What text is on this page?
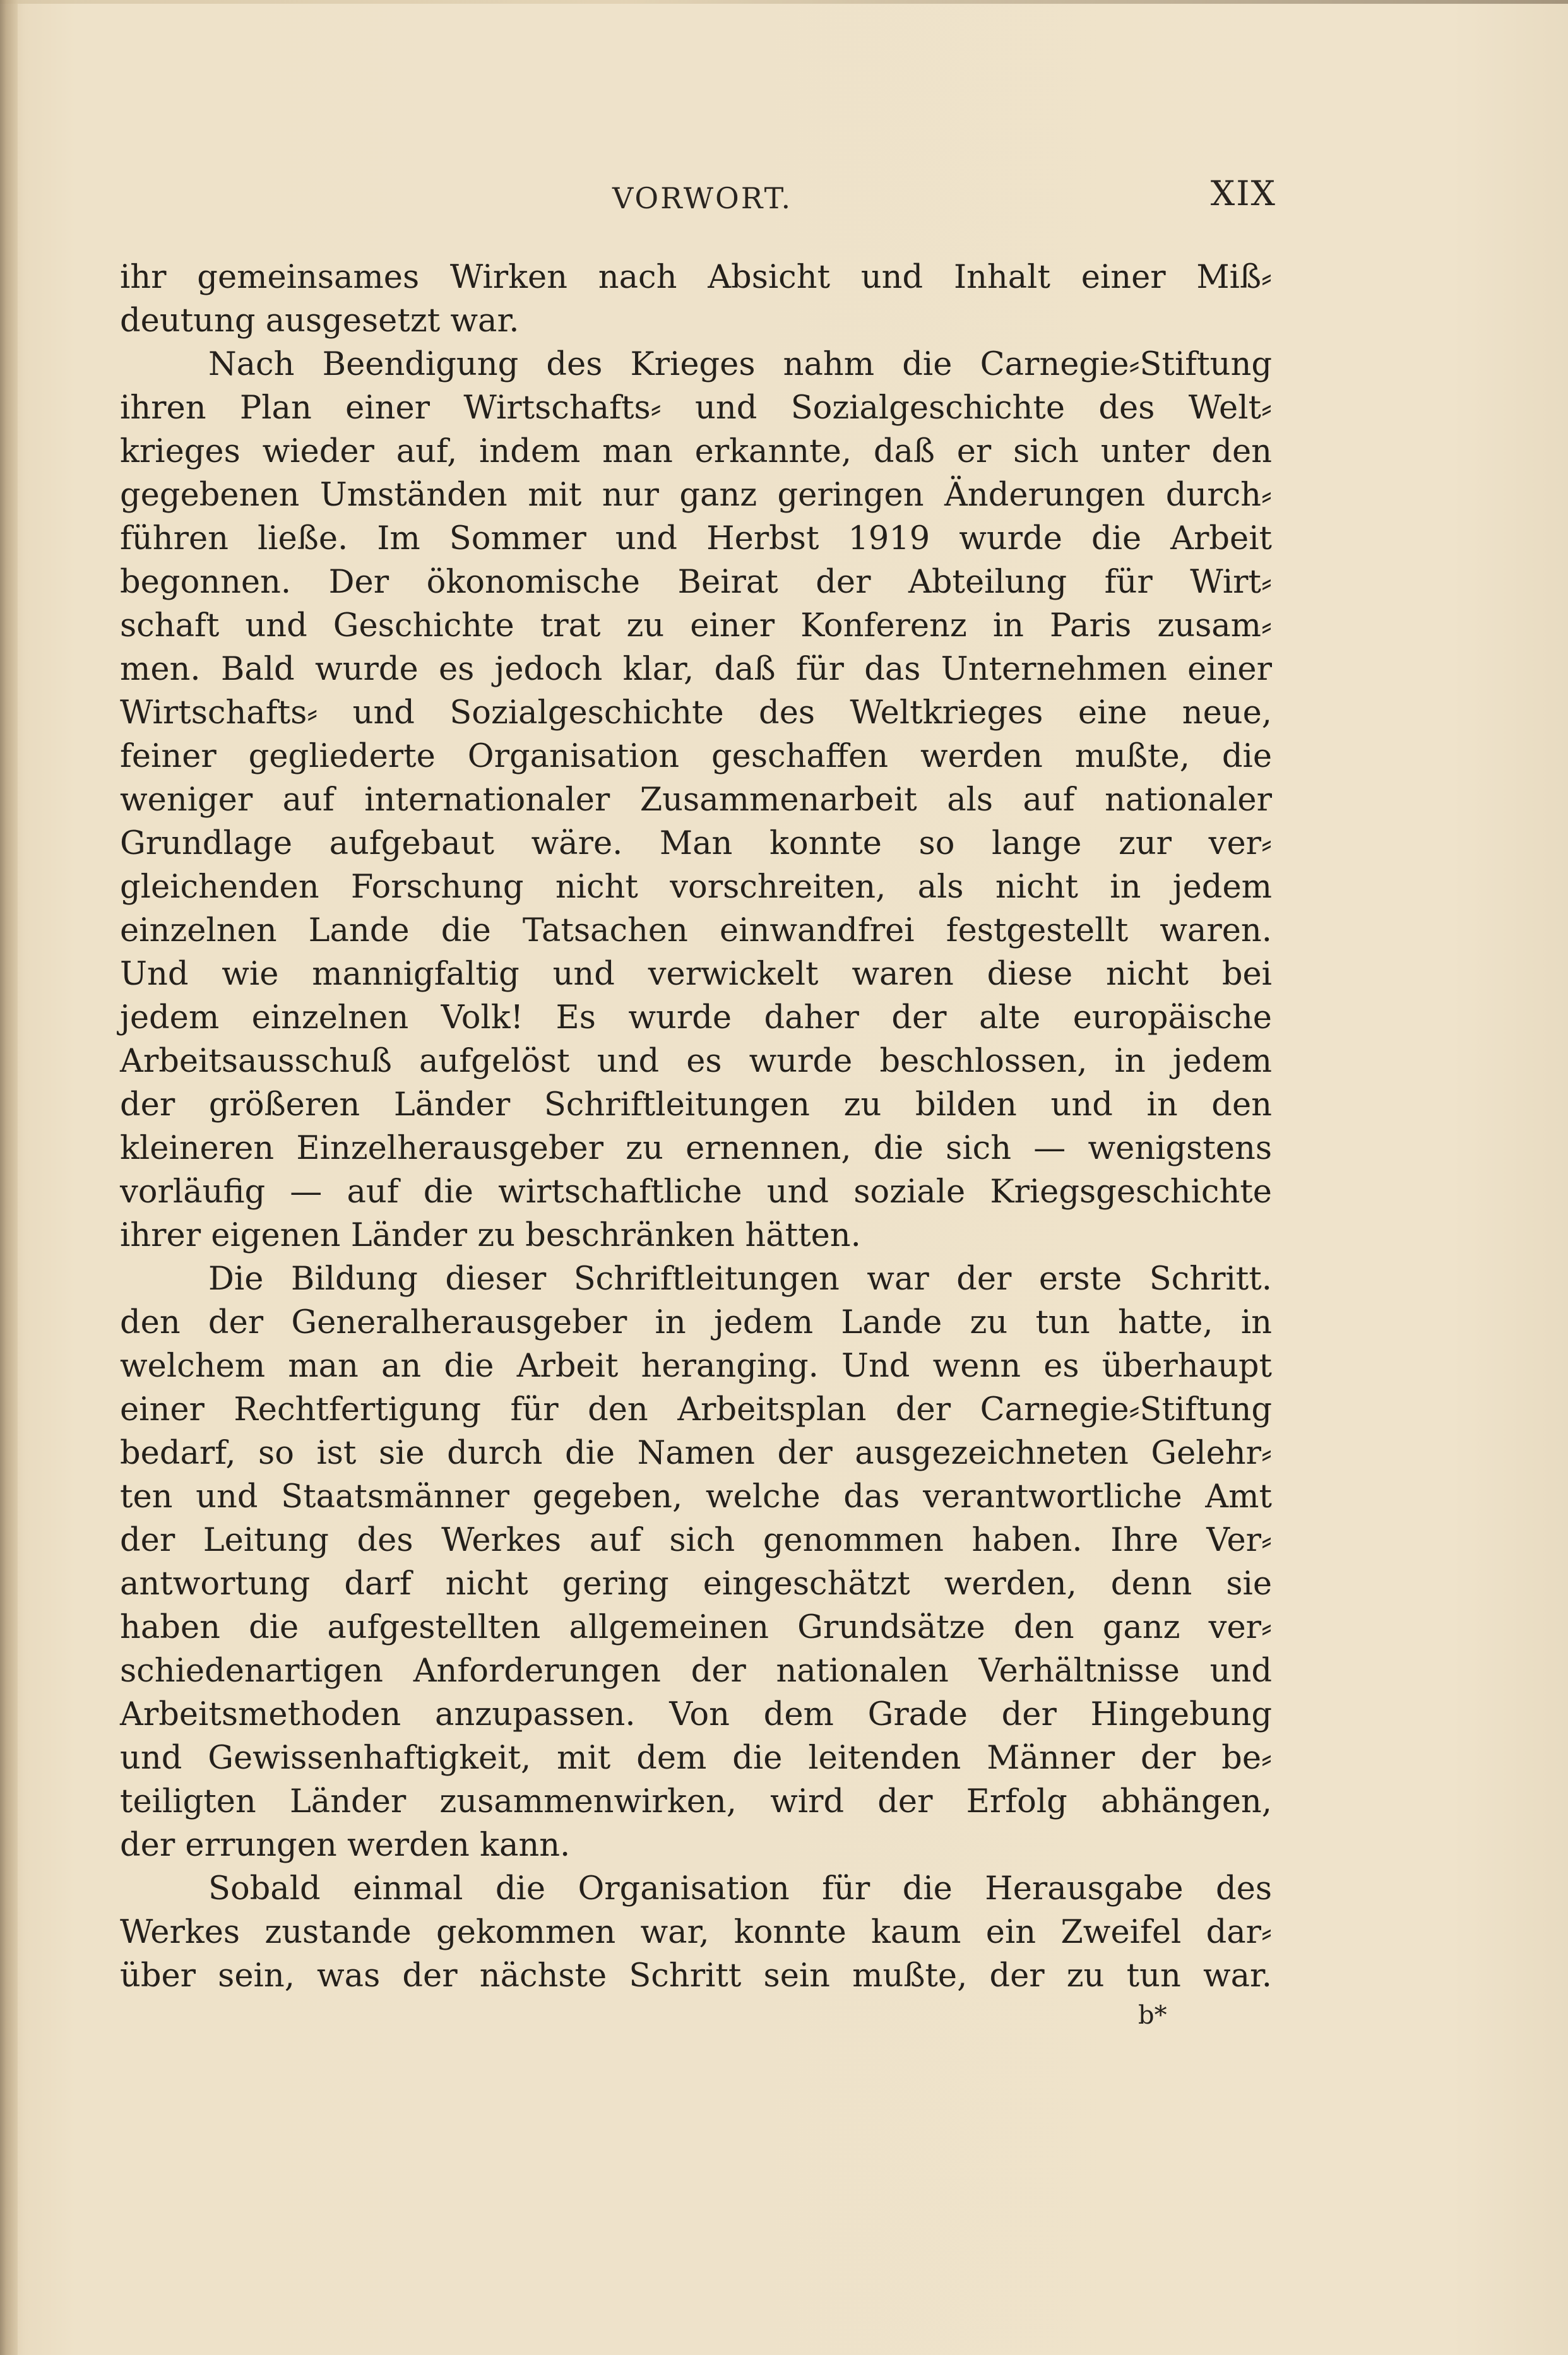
VORWORT.	XIX
ihr gemeinsames Wirken nach Absicht und Inhalt einer Miß⸗
deutung ausgesetzt war.
Nach Beendigung des Krieges nahm die Carnegie⸗Stiftung
ihren Plan einer Wirtschafts⸗ und Sozialgeschichte des Welt⸗
krieges wieder auf, indem man erkannte, daß er sich unter den
gegebenen Umständen mit nur ganz geringen Änderungen durch⸗
führen ließe. Im Sommer und Herbst 1919 wurde die Arbeit
begonnen. Der ökonomische Beirat der Abteilung für Wirt⸗
schaft und Geschichte trat zu einer Konferenz in Paris zusam⸗
men. Bald wurde es jedoch klar, daß für das Unternehmen einer
Wirtschafts⸗ und Sozialgeschichte des Weltkrieges eine neue,
feiner gegliederte Organisation geschaffen werden mußte, die
weniger auf internationaler Zusammenarbeit als auf nationaler
Grundlage aufgebaut wäre. Man konnte so lange zur ver⸗
gleichenden Forschung nicht vorschreiten, als nicht in jedem
einzelnen Lande die Tatsachen einwandfrei festgestellt waren.
Und wie mannigfaltig und verwickelt waren diese nicht bei
jedem einzelnen Volk! Es wurde daher der alte europäische
Arbeitsausschuß aufgelöst und es wurde beschlossen, in jedem
der größeren Länder Schriftleitungen zu bilden und in den
kleineren Einzelherausgeber zu ernennen, die sich — wenigstens
vorläufig — auf die wirtschaftliche und soziale Kriegsgeschichte
ihrer eigenen Länder zu beschränken hätten.
Die Bildung dieser Schriftleitungen war der erste Schritt.
den der Generalherausgeber in jedem Lande zu tun hatte, in
welchem man an die Arbeit heranging. Und wenn es überhaupt
einer Rechtfertigung für den Arbeitsplan der Carnegie⸗Stiftung
bedarf, so ist sie durch die Namen der ausgezeichneten Gelehr⸗
ten und Staatsmänner gegeben, welche das verantwortliche Amt
der Leitung des Werkes auf sich genommen haben. Ihre Ver⸗
antwortung darf nicht gering eingeschätzt werden, denn sie
haben die aufgestellten allgemeinen Grundsätze den ganz ver⸗
schiedenartigen Anforderungen der nationalen Verhältnisse und
Arbeitsmethoden anzupassen. Von dem Grade der Hingebung
und Gewissenhaftigkeit, mit dem die leitenden Männer der be⸗
teiligten Länder zusammenwirken, wird der Erfolg abhängen,
der errungen werden kann.
Sobald einmal die Organisation für die Herausgabe des
Werkes zustande gekommen war, konnte kaum ein Zweifel dar⸗
über sein, was der nächste Schritt sein mußte, der zu tun war.
b*
